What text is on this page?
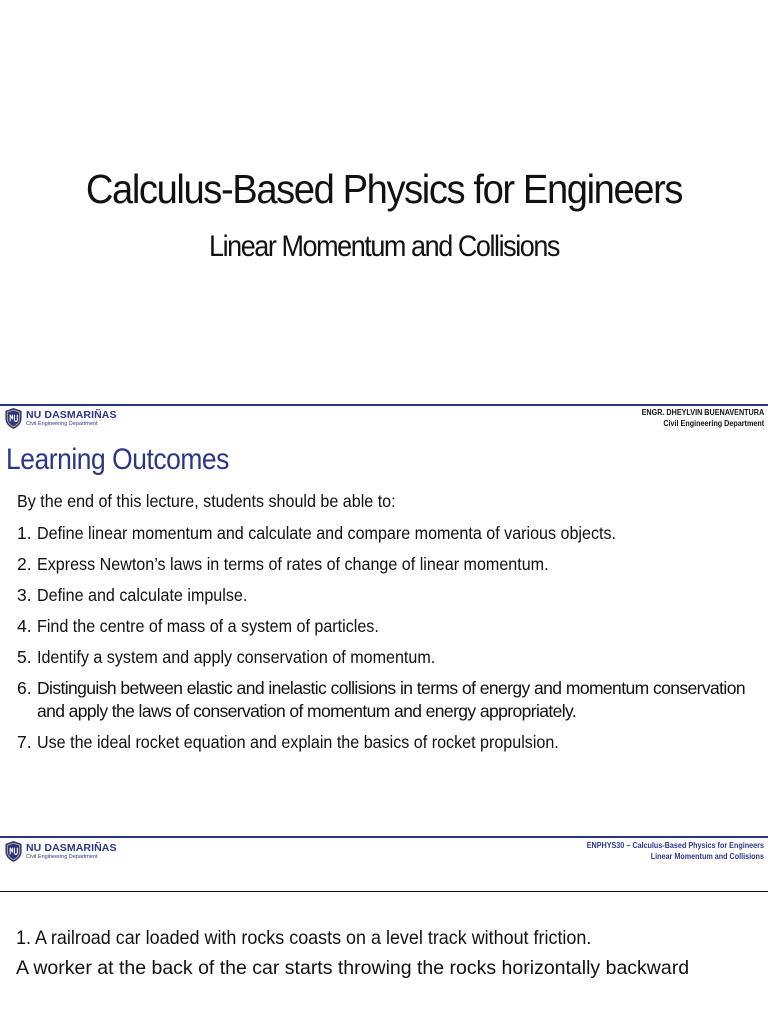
Calculus-Based Physics for Engineers
Linear Momentum and Collisions
NU DASMARIÑAS
Civil Engineering Department
ENGR. DHEYLVIN BUENAVENTURA
Civil Engineering Department
Learning Outcomes
By the end of this lecture, students should be able to:
1. Define linear momentum and calculate and compare momenta of various objects.
2. Express Newton’s laws in terms of rates of change of linear momentum.
3. Define and calculate impulse.
4. Find the centre of mass of a system of particles.
5. Identify a system and apply conservation of momentum.
6. Distinguish between elastic and inelastic collisions in terms of energy and momentum conservation and apply the laws of conservation of momentum and energy appropriately.
7. Use the ideal rocket equation and explain the basics of rocket propulsion.
NU DASMARIÑAS
Civil Engineering Department
ENPHYS30 – Calculus-Based Physics for Engineers
Linear Momentum and Collisions
1. A railroad car loaded with rocks coasts on a level track without friction.
A worker at the back of the car starts throwing the rocks horizontally backward
